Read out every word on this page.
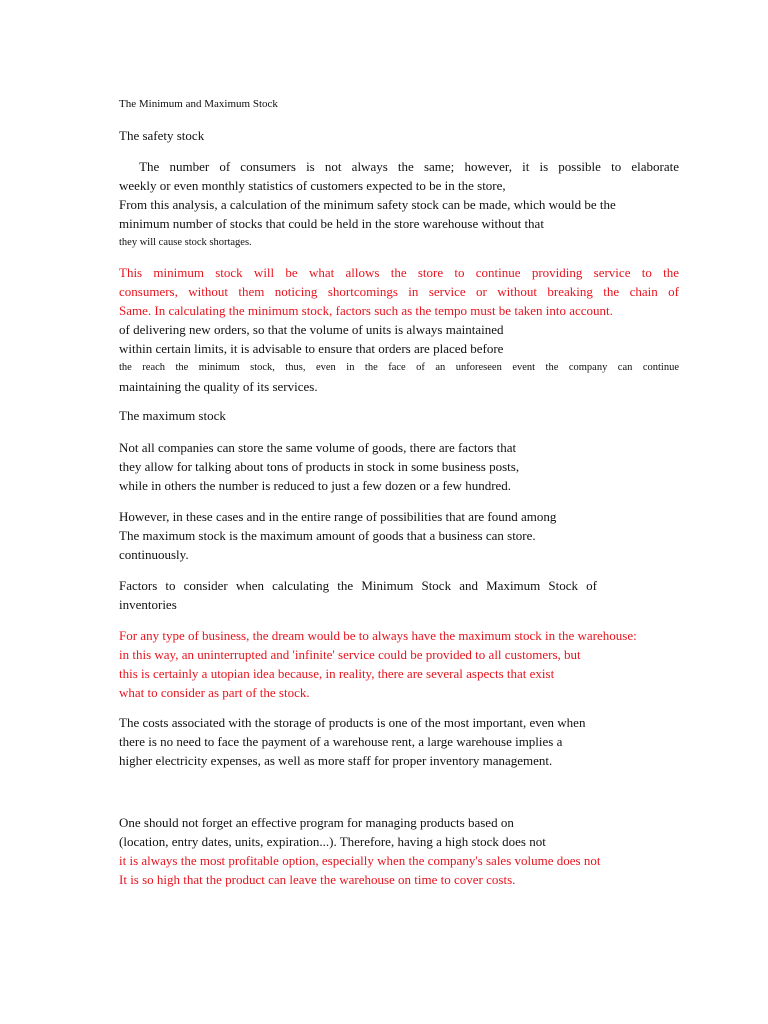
The Minimum and Maximum Stock
The safety stock
The number of consumers is not always the same; however, it is possible to elaborate
weekly or even monthly statistics of customers expected to be in the store,
From this analysis, a calculation of the minimum safety stock can be made, which would be the
minimum number of stocks that could be held in the store warehouse without that
they will cause stock shortages.
This minimum stock will be what allows the store to continue providing service to the
consumers, without them noticing shortcomings in service or without breaking the chain of
Same. In calculating the minimum stock, factors such as the tempo must be taken into account.
of delivering new orders, so that the volume of units is always maintained
within certain limits, it is advisable to ensure that orders are placed before
the reach the minimum stock, thus, even in the face of an unforeseen event the company can continue
maintaining the quality of its services.
The maximum stock
Not all companies can store the same volume of goods, there are factors that
they allow for talking about tons of products in stock in some business posts,
while in others the number is reduced to just a few dozen or a few hundred.
However, in these cases and in the entire range of possibilities that are found among
The maximum stock is the maximum amount of goods that a business can store.
continuously.
Factors to consider when calculating the Minimum Stock and Maximum Stock of
inventories
For any type of business, the dream would be to always have the maximum stock in the warehouse:
in this way, an uninterrupted and 'infinite' service could be provided to all customers, but
this is certainly a utopian idea because, in reality, there are several aspects that exist
what to consider as part of the stock.
The costs associated with the storage of products is one of the most important, even when
there is no need to face the payment of a warehouse rent, a large warehouse implies a
higher electricity expenses, as well as more staff for proper inventory management.
One should not forget an effective program for managing products based on
(location, entry dates, units, expiration...). Therefore, having a high stock does not
it is always the most profitable option, especially when the company's sales volume does not
It is so high that the product can leave the warehouse on time to cover costs.
